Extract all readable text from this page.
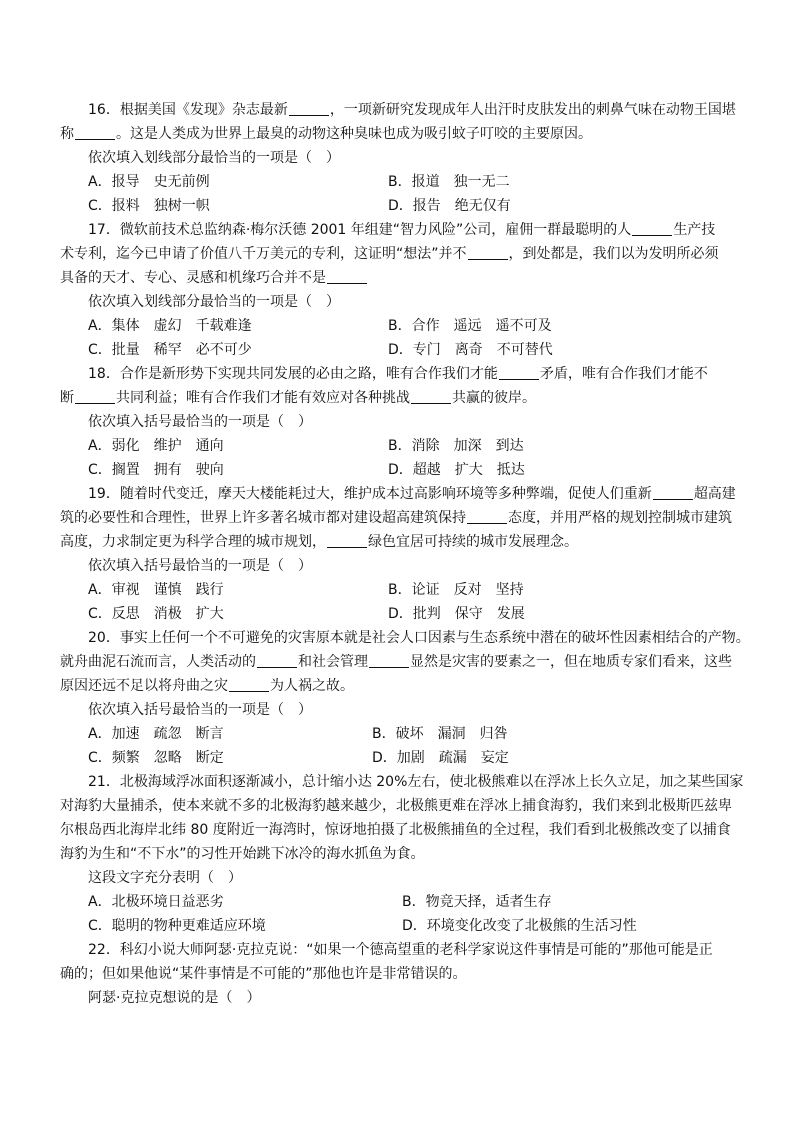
16．根据美国《发现》杂志最新	，一项新研究发现成年人出汗时皮肤发出的刺鼻气味在动物王国堪
称	。这是人类成为世界上最臭的动物这种臭味也成为吸引蚊子叮咬的主要原因。
依次填入划线部分最恰当的一项是（　）
A．报导　史无前例	B．报道　独一无二
C．报料　独树一帜	D．报告　绝无仅有
17．微软前技术总监纳森·梅尔沃德 2001 年组建“智力风险”公司，雇佣一群最聪明的人	生产技
术专利，迄今已申请了价值八千万美元的专利，这证明“想法”并不	，到处都是，我们以为发明所必须
具备的天才、专心、灵感和机缘巧合并不是
依次填入划线部分最恰当的一项是（　）
A．集体　虚幻　千载难逢	B．合作　遥远　遥不可及
C．批量　稀罕　必不可少	D．专门　离奇　不可替代
18．合作是新形势下实现共同发展的必由之路，唯有合作我们才能	矛盾，唯有合作我们才能不
断	共同利益；唯有合作我们才能有效应对各种挑战	共赢的彼岸。
依次填入括号最恰当的一项是（　）
A．弱化　维护　通向	B．消除　加深　到达
C．搁置　拥有　驶向	D．超越　扩大　抵达
19．随着时代变迁，摩天大楼能耗过大，维护成本过高影响环境等多种弊端，促使人们重新	超高建
筑的必要性和合理性，世界上许多著名城市都对建设超高建筑保持	态度，并用严格的规划控制城市建筑
高度，力求制定更为科学合理的城市规划，	绿色宜居可持续的城市发展理念。
依次填入括号最恰当的一项是（　）
A．审视　谨慎　践行	B．论证　反对　坚持
C．反思　消极　扩大	D．批判　保守　发展
20．事实上任何一个不可避免的灾害原本就是社会人口因素与生态系统中潜在的破坏性因素相结合的产物。
就舟曲泥石流而言，人类活动的	和社会管理	显然是灾害的要素之一，但在地质专家们看来，这些
原因还远不足以将舟曲之灾	为人祸之故。
依次填入括号最恰当的一项是（　）
A．加速　疏忽　断言	B．破坏　漏洞　归咎
C．频繁　忽略　断定	D．加剧　疏漏　妄定
21．北极海域浮冰面积逐渐减小，总计缩小达 20%左右，使北极熊难以在浮冰上长久立足，加之某些国家
对海豹大量捕杀，使本来就不多的北极海豹越来越少，北极熊更难在浮冰上捕食海豹，我们来到北极斯匹兹卑
尔根岛西北海岸北纬 80 度附近一海湾时，惊讶地拍摄了北极熊捕鱼的全过程，我们看到北极熊改变了以捕食
海豹为生和“不下水”的习性开始跳下冰冷的海水抓鱼为食。
这段文字充分表明（　）
A．北极环境日益恶劣	B．物竞天择，适者生存
C．聪明的物种更难适应环境	D．环境变化改变了北极熊的生活习性
22．科幻小说大师阿瑟·克拉克说：“如果一个德高望重的老科学家说这件事情是可能的”那他可能是正
确的；但如果他说“某件事情是不可能的”那他也许是非常错误的。
阿瑟·克拉克想说的是（　）
